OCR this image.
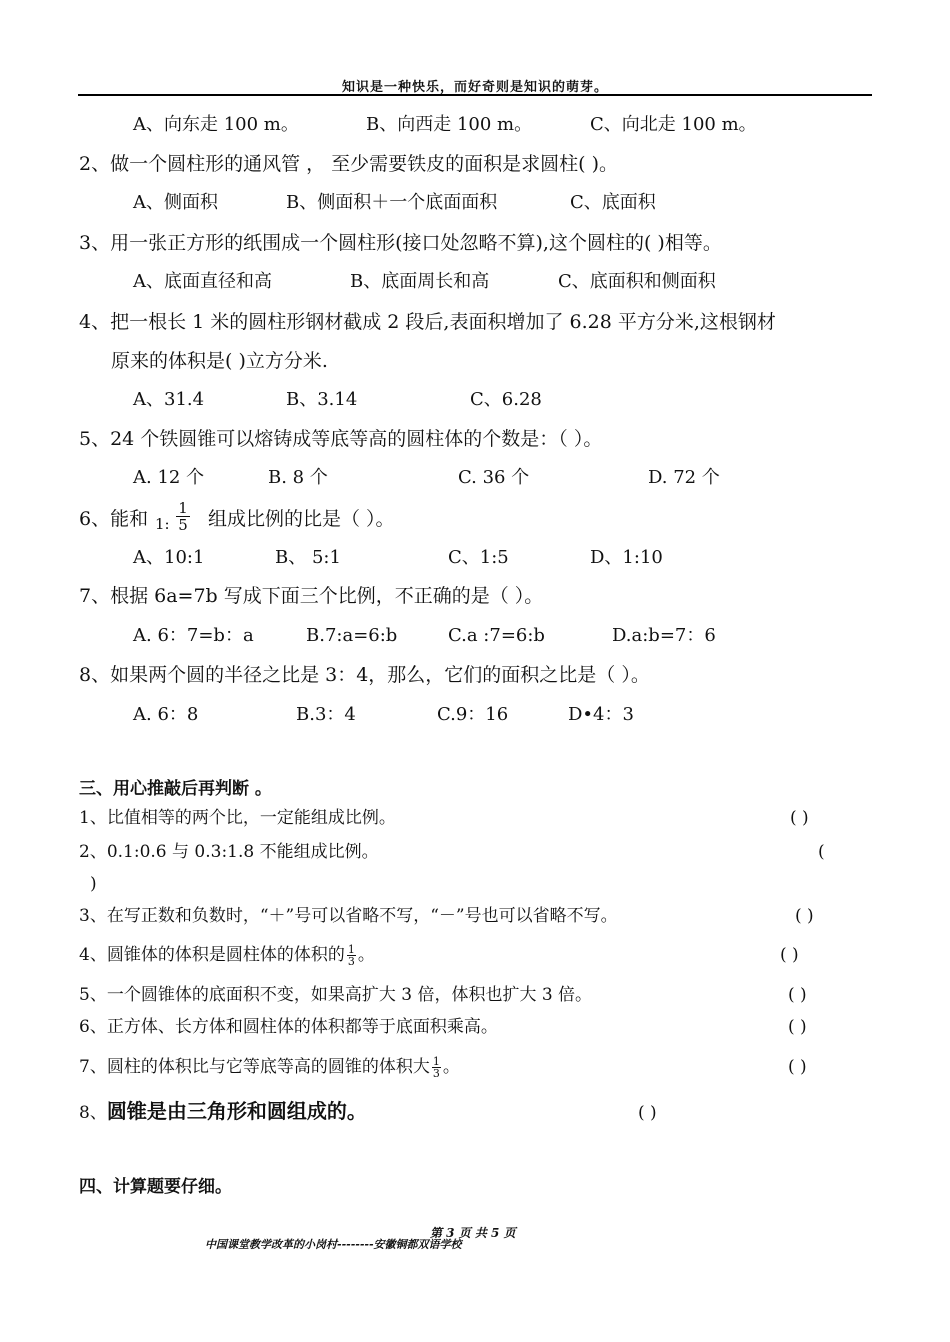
知识是一种快乐，而好奇则是知识的萌芽。
A、向东走 100 m。	B、向西走 100 m。	C、向北走 100 m。
2、做一个圆柱形的通风管 ， 至少需要铁皮的面积是求圆柱( )。
A、侧面积	B、侧面积＋一个底面面积	C、底面积
3、用一张正方形的纸围成一个圆柱形(接口处忽略不算),这个圆柱的( )相等。
A、底面直径和高	B、底面周长和高	C、底面积和侧面积
4、把一根长 1 米的圆柱形钢材截成 2 段后,表面积增加了 6.28 平方分米,这根钢材
原来的体积是( )立方分米.
A、31.4	B、3.14	C、6.28
5、24 个铁圆锥可以熔铸成等底等高的圆柱体的个数是：（ ）。
A. 12 个	B. 8 个	C. 36 个	D. 72 个
6、能和 1: $\frac{1}{5}$ 组成比例的比是（ ）。
A、10:1	B、 5:1	C、1:5	D、1:10
7、根据 6a=7b 写成下面三个比例，不正确的是（ ）。
A. 6：7=b：a	B.7:a=6:b	C.a :7=6:b	D.a:b=7：6
8、如果两个圆的半径之比是 3：4，那么，它们的面积之比是（ ）。
A. 6：8	B.3：4	C.9：16	D•4：3
三、用心推敲后再判断 。
1、比值相等的两个比，一定能组成比例。	( )
2、0.1:0.6 与 0.3:1.8 不能组成比例。	(
)
3、在写正数和负数时，“＋”号可以省略不写，“－”号也可以省略不写。	( )
4、圆锥体的体积是圆柱体的体积的 $\frac{1}{3}$ 。	( )
5、一个圆锥体的底面积不变，如果高扩大 3 倍，体积也扩大 3 倍。	( )
6、正方体、长方体和圆柱体的体积都等于底面积乘高。	( )
7、圆柱的体积比与它等底等高的圆锥的体积大 $\frac{1}{3}$ 。	( )
8、圆锥是由三角形和圆组成的。	( )
四、计算题要仔细。
中国课堂教学改革的小岗村--------安徽铜都双语学校
第 3 页 共 5 页
